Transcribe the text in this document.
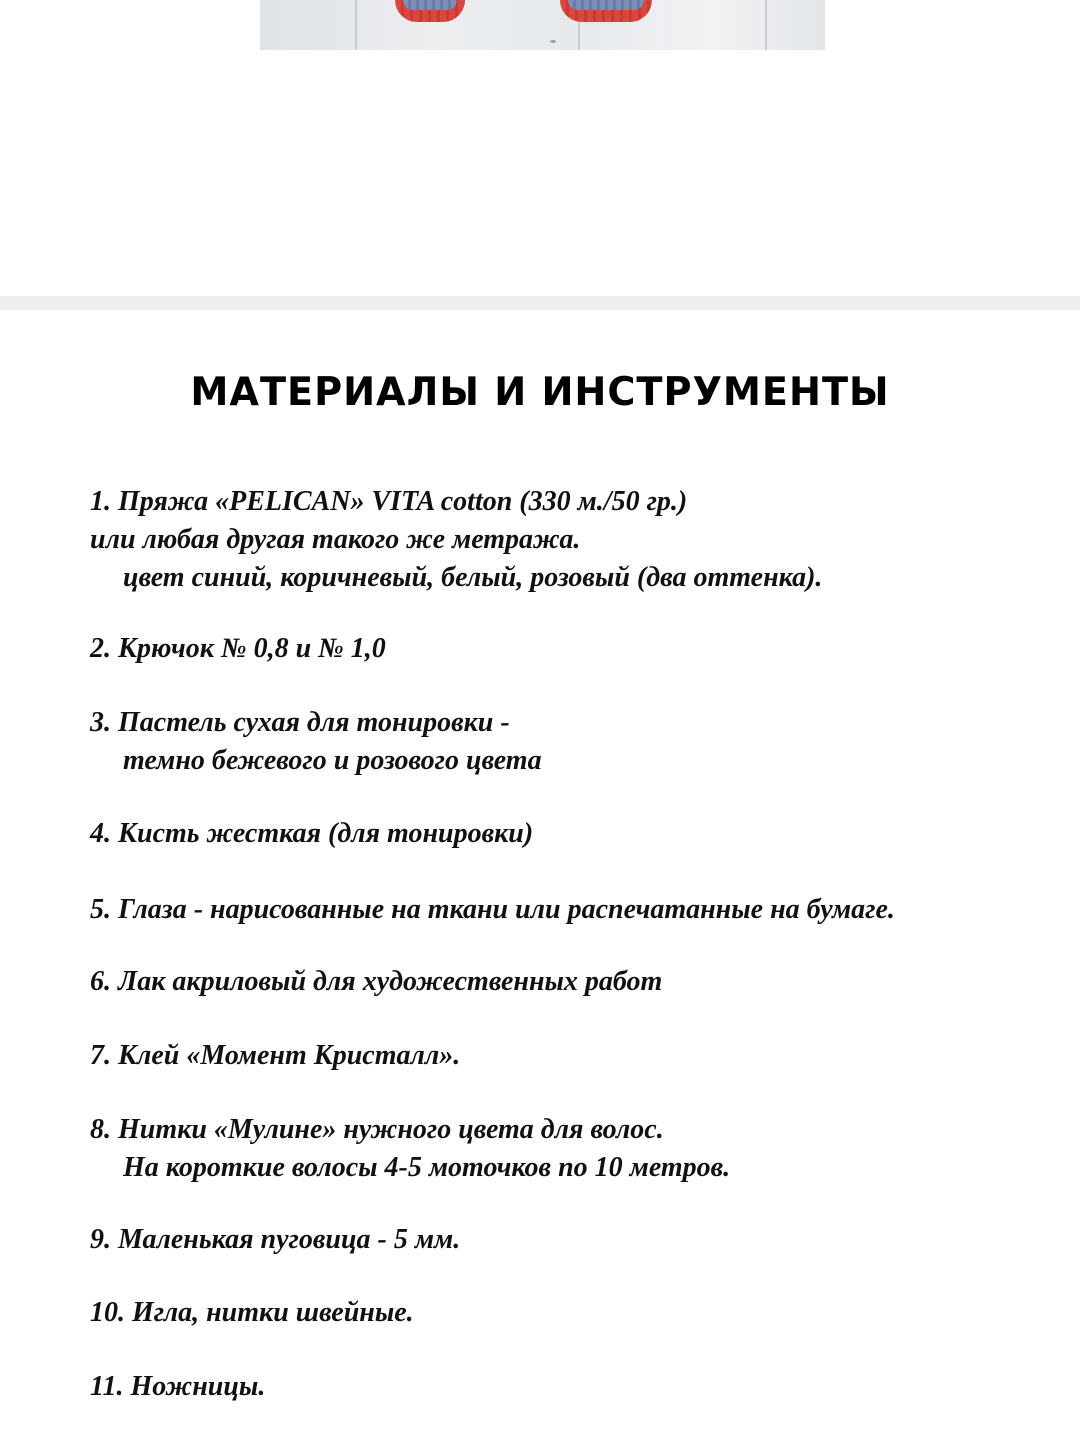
МАТЕРИАЛЫ И ИНСТРУМЕНТЫ
1. Пряжа «PELICAN» VITA cotton (330 м./50 гр.)
или любая другая такого же метража.
цвет синий, коричневый, белый, розовый (два оттенка).
2. Крючок № 0,8 и № 1,0
3. Пастель сухая для тонировки -
темно бежевого и розового цвета
4. Кисть жесткая (для тонировки)
5. Глаза - нарисованные на ткани или распечатанные на бумаге.
6. Лак акриловый для художественных работ
7. Клей «Момент Кристалл».
8. Нитки «Мулине» нужного цвета для волос.
На короткие волосы 4-5 моточков по 10 метров.
9. Маленькая пуговица - 5 мм.
10. Игла, нитки швейные.
11. Ножницы.
